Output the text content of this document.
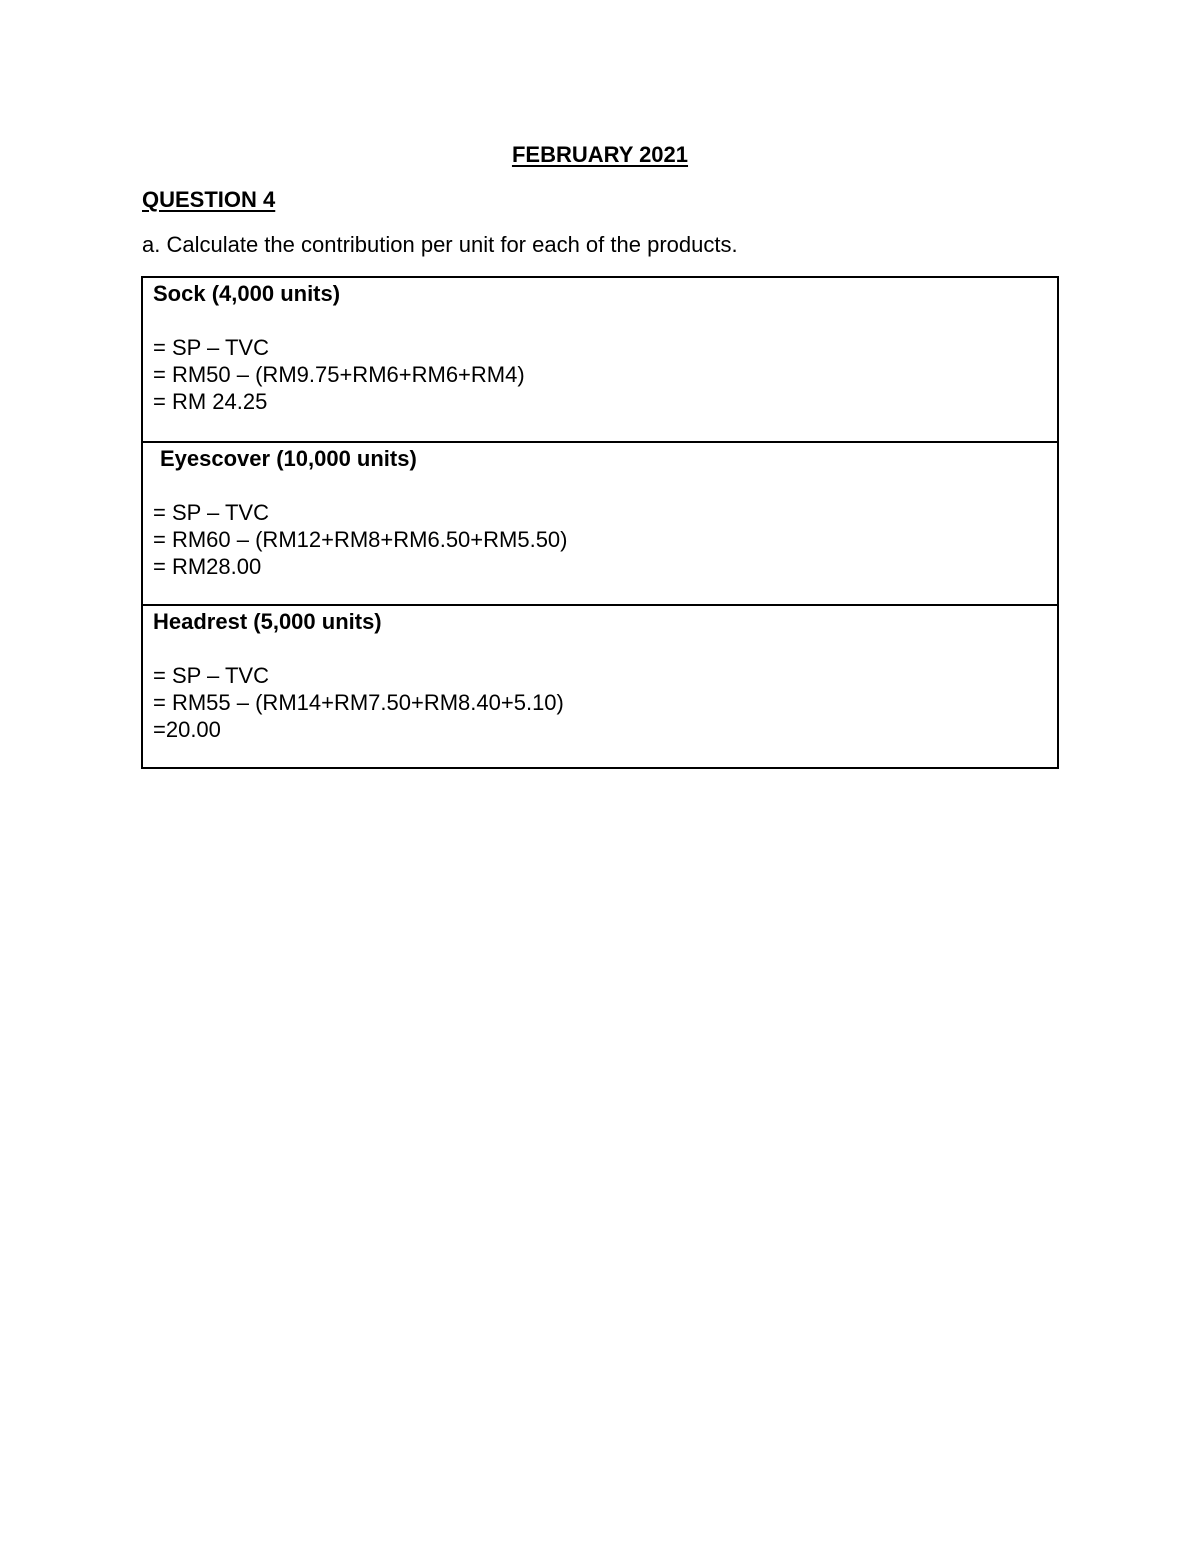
FEBRUARY 2021
QUESTION 4
a. Calculate the contribution per unit for each of the products.
Sock (4,000 units)
= SP – TVC
= RM50 – (RM9.75+RM6+RM6+RM4)
= RM 24.25
Eyescover (10,000 units)
= SP – TVC
= RM60 – (RM12+RM8+RM6.50+RM5.50)
= RM28.00
Headrest (5,000 units)
= SP – TVC
= RM55 – (RM14+RM7.50+RM8.40+5.10)
=20.00
